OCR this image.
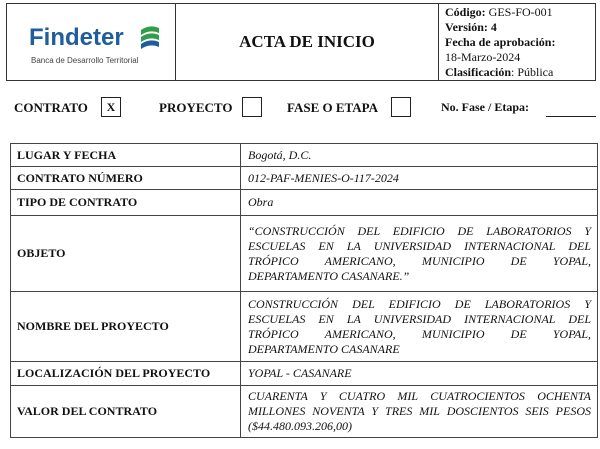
Findeter
Banca de Desarrollo Territorial
	ACTA DE INICIO	
Código: GES-FO-001
Versión: 4
Fecha de aprobación:
18-Marzo-2024
Clasificación: Pública
CONTRATO	X	PROYECTO	FASE O ETAPA	No. Fase / Etapa:
LUGAR Y FECHA	Bogotá, D.C.
CONTRATO NÚMERO	012-PAF-MENIES-O-117-2024
TIPO DE CONTRATO	Obra
OBJETO	“CONSTRUCCIÓN DEL EDIFICIO DE LABORATORIOS Y ESCUELAS EN LA UNIVERSIDAD INTERNACIONAL DEL TRÓPICO AMERICANO, MUNICIPIO DE YOPAL, DEPARTAMENTO CASANARE.”
NOMBRE DEL PROYECTO	CONSTRUCCIÓN DEL EDIFICIO DE LABORATORIOS Y ESCUELAS EN LA UNIVERSIDAD INTERNACIONAL DEL TRÓPICO AMERICANO, MUNICIPIO DE YOPAL, DEPARTAMENTO CASANARE
LOCALIZACIÓN DEL PROYECTO	YOPAL - CASANARE
VALOR DEL CONTRATO	CUARENTA Y CUATRO MIL CUATROCIENTOS OCHENTA MILLONES NOVENTA Y TRES MIL DOSCIENTOS SEIS PESOS ($44.480.093.206,00)
